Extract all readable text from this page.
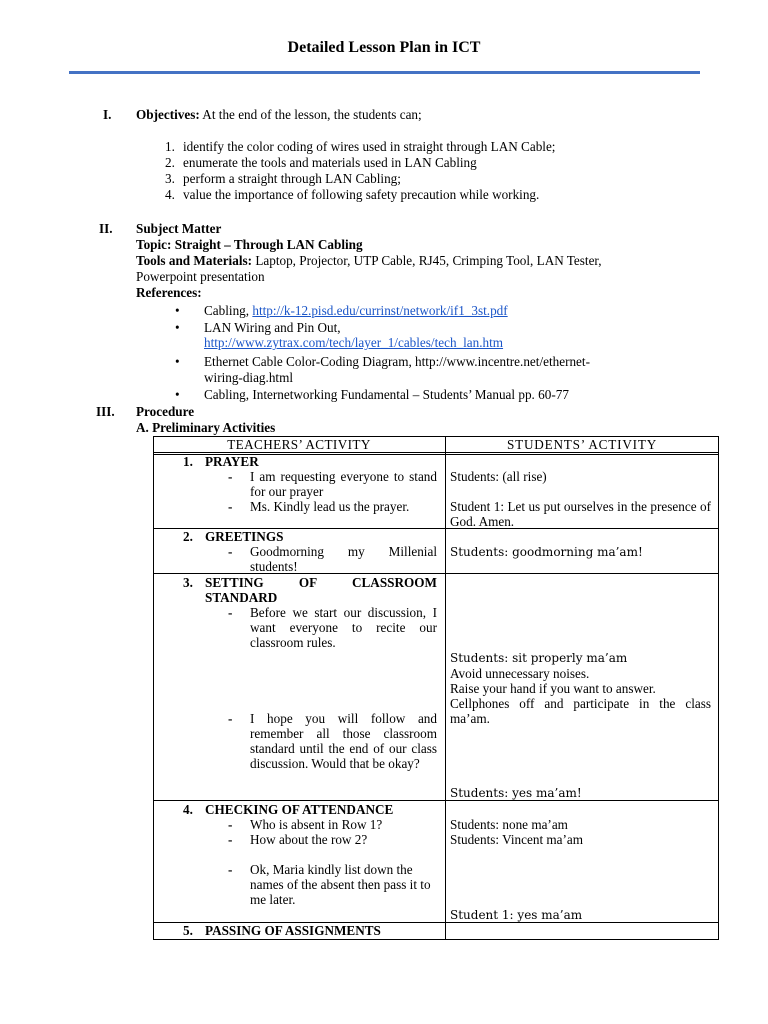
Detailed Lesson Plan in ICT
I. Objectives: At the end of the lesson, the students can;
1. identify the color coding of wires used in straight through LAN Cable;
2. enumerate the tools and materials used in LAN Cabling
3. perform a straight through LAN Cabling;
4. value the importance of following safety precaution while working.
II. Subject Matter
Topic: Straight – Through LAN Cabling
Tools and Materials: Laptop, Projector, UTP Cable, RJ45, Crimping Tool, LAN Tester,
Powerpoint presentation
References:
• Cabling, http://k-12.pisd.edu/currinst/network/if1_3st.pdf
• LAN Wiring and Pin Out,
http://www.zytrax.com/tech/layer_1/cables/tech_lan.htm
• Ethernet Cable Color-Coding Diagram, http://www.incentre.net/ethernet-
wiring-diag.html
• Cabling, Internetworking Fundamental – Students’ Manual pp. 60-77
III. Procedure
A. Preliminary Activities
TEACHERS’ ACTIVITY	STUDENTS’ ACTIVITY
1. PRAYER
- I am requesting everyone to stand for our prayer
- Ms. Kindly lead us the prayer.
Students: (all rise)
Student 1: Let us put ourselves in the presence of God. Amen.
2. GREETINGS
- Goodmorning my Millenial students!
Students: goodmorning ma’am!
3. SETTING OF CLASSROOM
STANDARD
- Before we start our discussion, I want everyone to recite our classroom rules.
- I hope you will follow and remember all those classroom standard until the end of our class discussion. Would that be okay?
Students: sit properly ma’am
Avoid unnecessary noises.
Raise your hand if you want to answer.
Cellphones off and participate in the class ma’am.
Students: yes ma’am!
4. CHECKING OF ATTENDANCE
- Who is absent in Row 1?
- How about the row 2?
- Ok, Maria kindly list down the names of the absent then pass it to me later.
Students: none ma’am
Students: Vincent ma’am
Student 1: yes ma’am
5. PASSING OF ASSIGNMENTS
